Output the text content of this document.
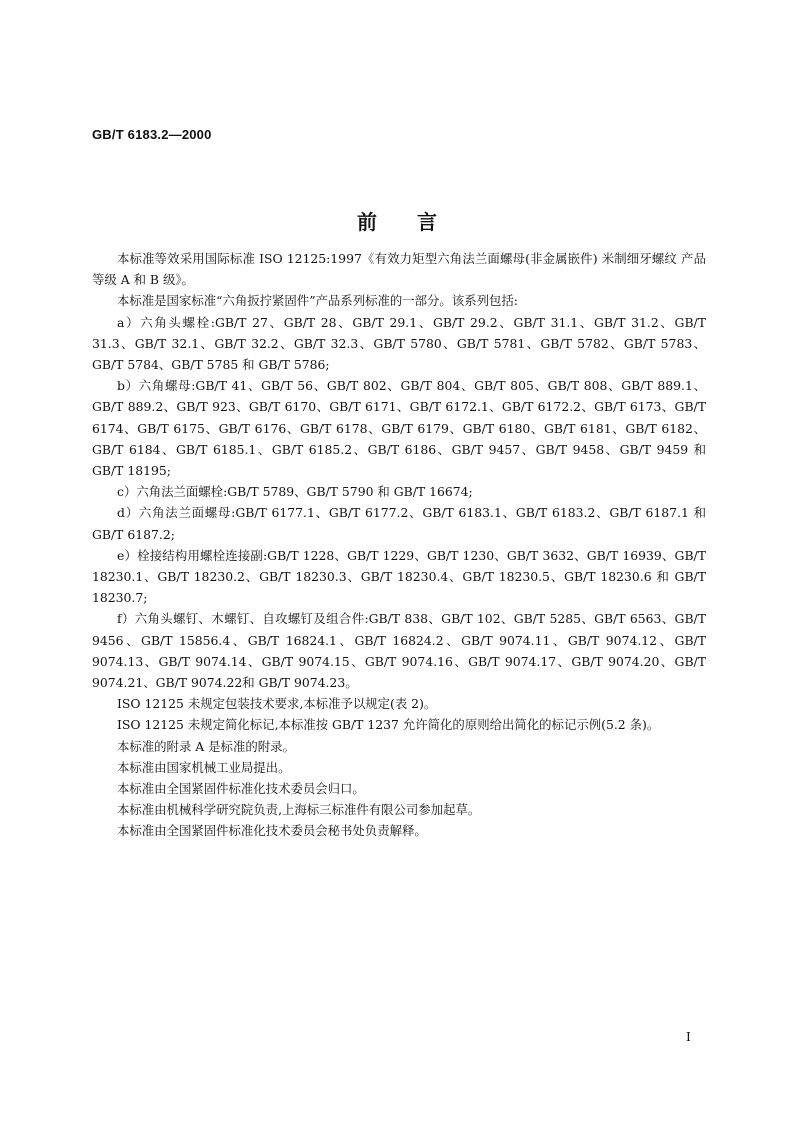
GB/T 6183.2—2000
前言

本标准等效采用国际标准 ISO 12125:1997《有效力矩型六角法兰面螺母(非金属嵌件) 米制细牙螺纹 产品等级 A 和 B 级》。

本标准是国家标准“六角扳拧紧固件”产品系列标准的一部分。该系列包括:

a）六角头螺栓:GB/T 27、GB/T 28、GB/T 29.1、GB/T 29.2、GB/T 31.1、GB/T 31.2、GB/T 31.3、GB/T 32.1、GB/T 32.2、GB/T 32.3、GB/T 5780、GB/T 5781、GB/T 5782、GB/T 5783、GB/T 5784、GB/T 5785 和 GB/T 5786;

b）六角螺母:GB/T 41、GB/T 56、GB/T 802、GB/T 804、GB/T 805、GB/T 808、GB/T 889.1、GB/T 889.2、GB/T 923、GB/T 6170、GB/T 6171、GB/T 6172.1、GB/T 6172.2、GB/T 6173、GB/T 6174、GB/T 6175、GB/T 6176、GB/T 6178、GB/T 6179、GB/T 6180、GB/T 6181、GB/T 6182、GB/T 6184、GB/T 6185.1、GB/T 6185.2、GB/T 6186、GB/T 9457、GB/T 9458、GB/T 9459 和 GB/T 18195;

c）六角法兰面螺栓:GB/T 5789、GB/T 5790 和 GB/T 16674;

d）六角法兰面螺母:GB/T 6177.1、GB/T 6177.2、GB/T 6183.1、GB/T 6183.2、GB/T 6187.1 和 GB/T 6187.2;

e）栓接结构用螺栓连接副:GB/T 1228、GB/T 1229、GB/T 1230、GB/T 3632、GB/T 16939、GB/T 18230.1、GB/T 18230.2、GB/T 18230.3、GB/T 18230.4、GB/T 18230.5、GB/T 18230.6 和 GB/T 18230.7;

f）六角头螺钉、木螺钉、自攻螺钉及组合件:GB/T 838、GB/T 102、GB/T 5285、GB/T 6563、GB/T 9456、GB/T 15856.4、GB/T 16824.1、GB/T 16824.2、GB/T 9074.11、GB/T 9074.12、GB/T 9074.13、GB/T 9074.14、GB/T 9074.15、GB/T 9074.16、GB/T 9074.17、GB/T 9074.20、GB/T 9074.21、GB/T 9074.22和 GB/T 9074.23。

ISO 12125 未规定包装技术要求,本标准予以规定(表 2)。

ISO 12125 未规定简化标记,本标准按 GB/T 1237 允许简化的原则给出简化的标记示例(5.2 条)。

本标准的附录 A 是标准的附录。

本标准由国家机械工业局提出。

本标准由全国紧固件标准化技术委员会归口。

本标准由机械科学研究院负责,上海标三标准件有限公司参加起草。

本标准由全国紧固件标准化技术委员会秘书处负责解释。

I
